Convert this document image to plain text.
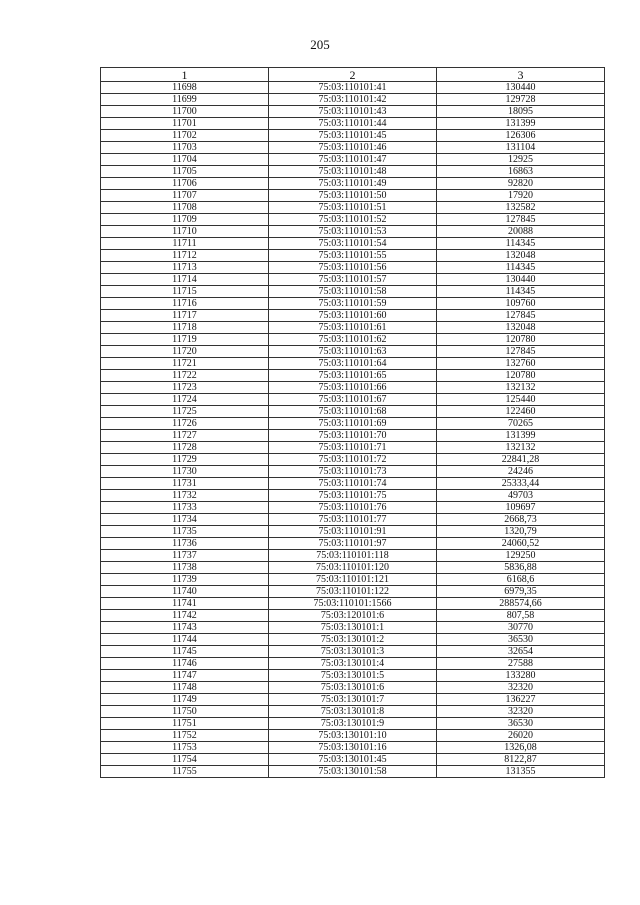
205
1	2	3
11698	75:03:110101:41	130440
11699	75:03:110101:42	129728
11700	75:03:110101:43	18095
11701	75:03:110101:44	131399
11702	75:03:110101:45	126306
11703	75:03:110101:46	131104
11704	75:03:110101:47	12925
11705	75:03:110101:48	16863
11706	75:03:110101:49	92820
11707	75:03:110101:50	17920
11708	75:03:110101:51	132582
11709	75:03:110101:52	127845
11710	75:03:110101:53	20088
11711	75:03:110101:54	114345
11712	75:03:110101:55	132048
11713	75:03:110101:56	114345
11714	75:03:110101:57	130440
11715	75:03:110101:58	114345
11716	75:03:110101:59	109760
11717	75:03:110101:60	127845
11718	75:03:110101:61	132048
11719	75:03:110101:62	120780
11720	75:03:110101:63	127845
11721	75:03:110101:64	132760
11722	75:03:110101:65	120780
11723	75:03:110101:66	132132
11724	75:03:110101:67	125440
11725	75:03:110101:68	122460
11726	75:03:110101:69	70265
11727	75:03:110101:70	131399
11728	75:03:110101:71	132132
11729	75:03:110101:72	22841,28
11730	75:03:110101:73	24246
11731	75:03:110101:74	25333,44
11732	75:03:110101:75	49703
11733	75:03:110101:76	109697
11734	75:03:110101:77	2668,73
11735	75:03:110101:91	1320,79
11736	75:03:110101:97	24060,52
11737	75:03:110101:118	129250
11738	75:03:110101:120	5836,88
11739	75:03:110101:121	6168,6
11740	75:03:110101:122	6979,35
11741	75:03:110101:1566	288574,66
11742	75:03:120101:6	807,58
11743	75:03:130101:1	30770
11744	75:03:130101:2	36530
11745	75:03:130101:3	32654
11746	75:03:130101:4	27588
11747	75:03:130101:5	133280
11748	75:03:130101:6	32320
11749	75:03:130101:7	136227
11750	75:03:130101:8	32320
11751	75:03:130101:9	36530
11752	75:03:130101:10	26020
11753	75:03:130101:16	1326,08
11754	75:03:130101:45	8122,87
11755	75:03:130101:58	131355
